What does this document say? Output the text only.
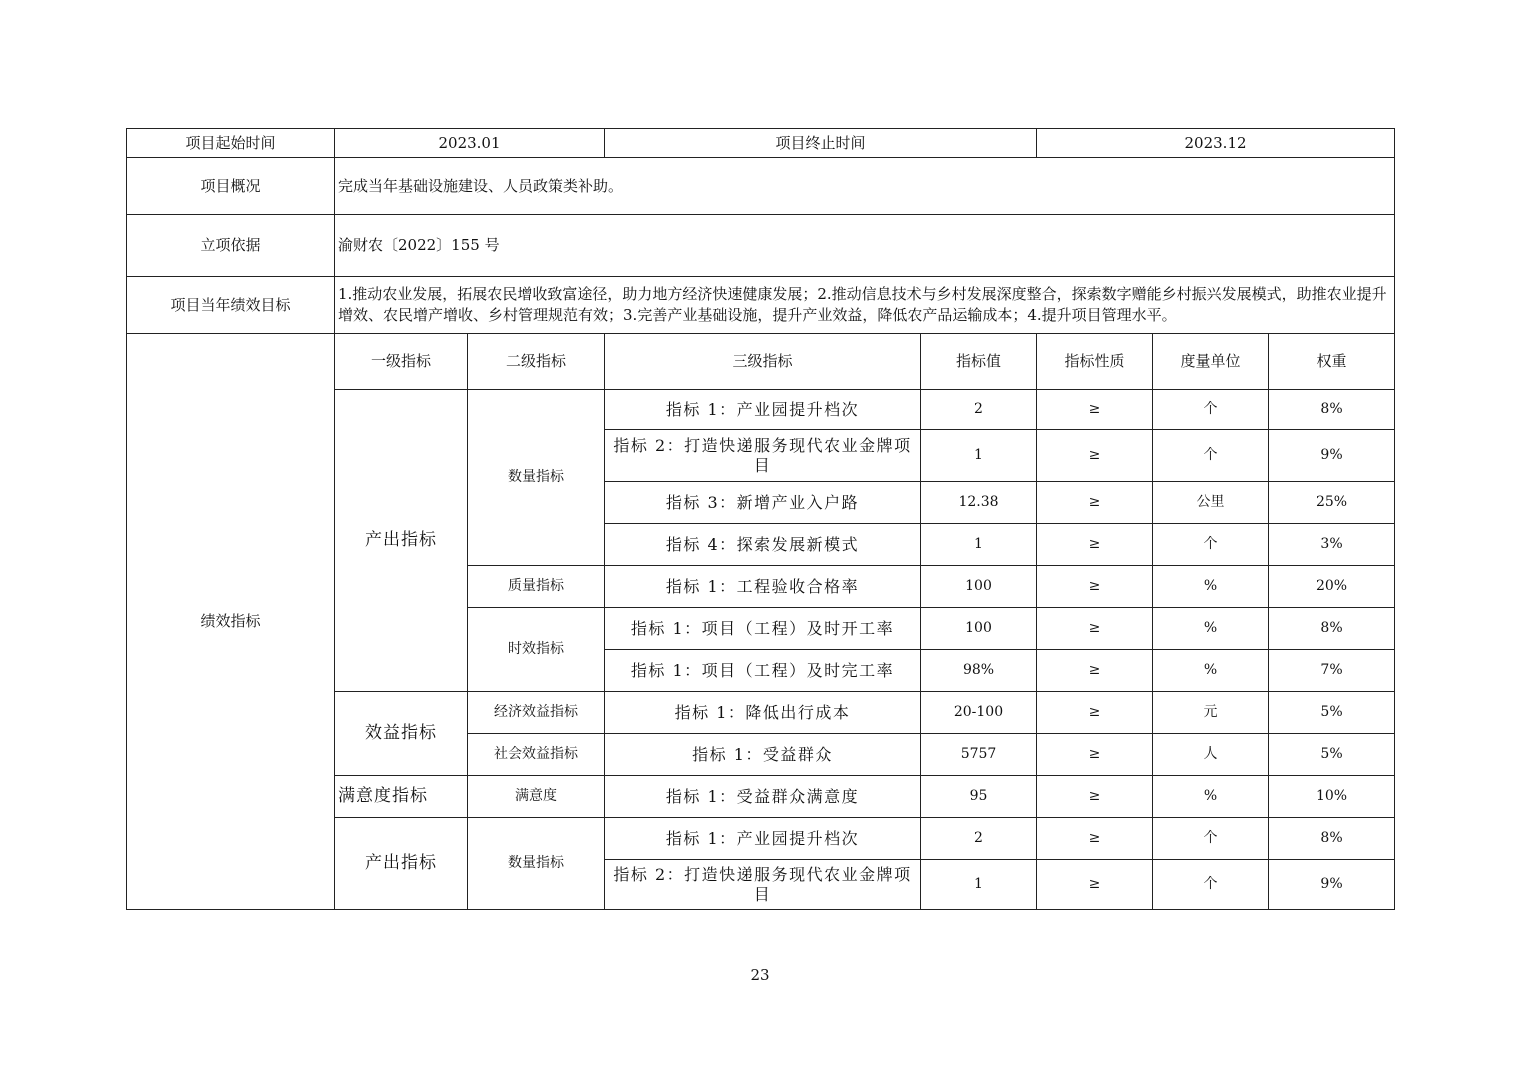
项目起始时间	2023.01		项目终止时间		2023.12		
项目概况	完成当年基础设施建设、人员政策类补助。						
立项依据	渝财农〔2022〕155 号						
项目当年绩效目标	1.推动农业发展，拓展农民增收致富途径，助力地方经济快速健康发展；2.推动信息技术与乡村发展深度整合，探索数字赠能乡村振兴发展模式，助推农业提升增效、农民增产增收、乡村管理规范有效；3.完善产业基础设施，提升产业效益，降低农产品运输成本；4.提升项目管理水平。						
绩效指标	一级指标	二级指标	三级指标	指标值	指标性质	度量单位	权重
	产出指标	数量指标	指标 1：产业园提升档次	2	≥	个	8%
			指标 2：打造快递服务现代农业金牌项目	1	≥	个	9%
			指标 3：新增产业入户路	12.38	≥	公里	25%
			指标 4：探索发展新模式	1	≥	个	3%
		质量指标	指标 1：工程验收合格率	100	≥	%	20%
		时效指标	指标 1：项目（工程）及时开工率	100	≥	%	8%
			指标 1：项目（工程）及时完工率	98%	≥	%	7%
	效益指标	经济效益指标	指标 1：降低出行成本	20-100	≥	元	5%
		社会效益指标	指标 1：受益群众	5757	≥	人	5%
	满意度指标	满意度	指标 1：受益群众满意度	95	≥	%	10%
	产出指标	数量指标	指标 1：产业园提升档次	2	≥	个	8%
			指标 2：打造快递服务现代农业金牌项目	1	≥	个	9%
23
